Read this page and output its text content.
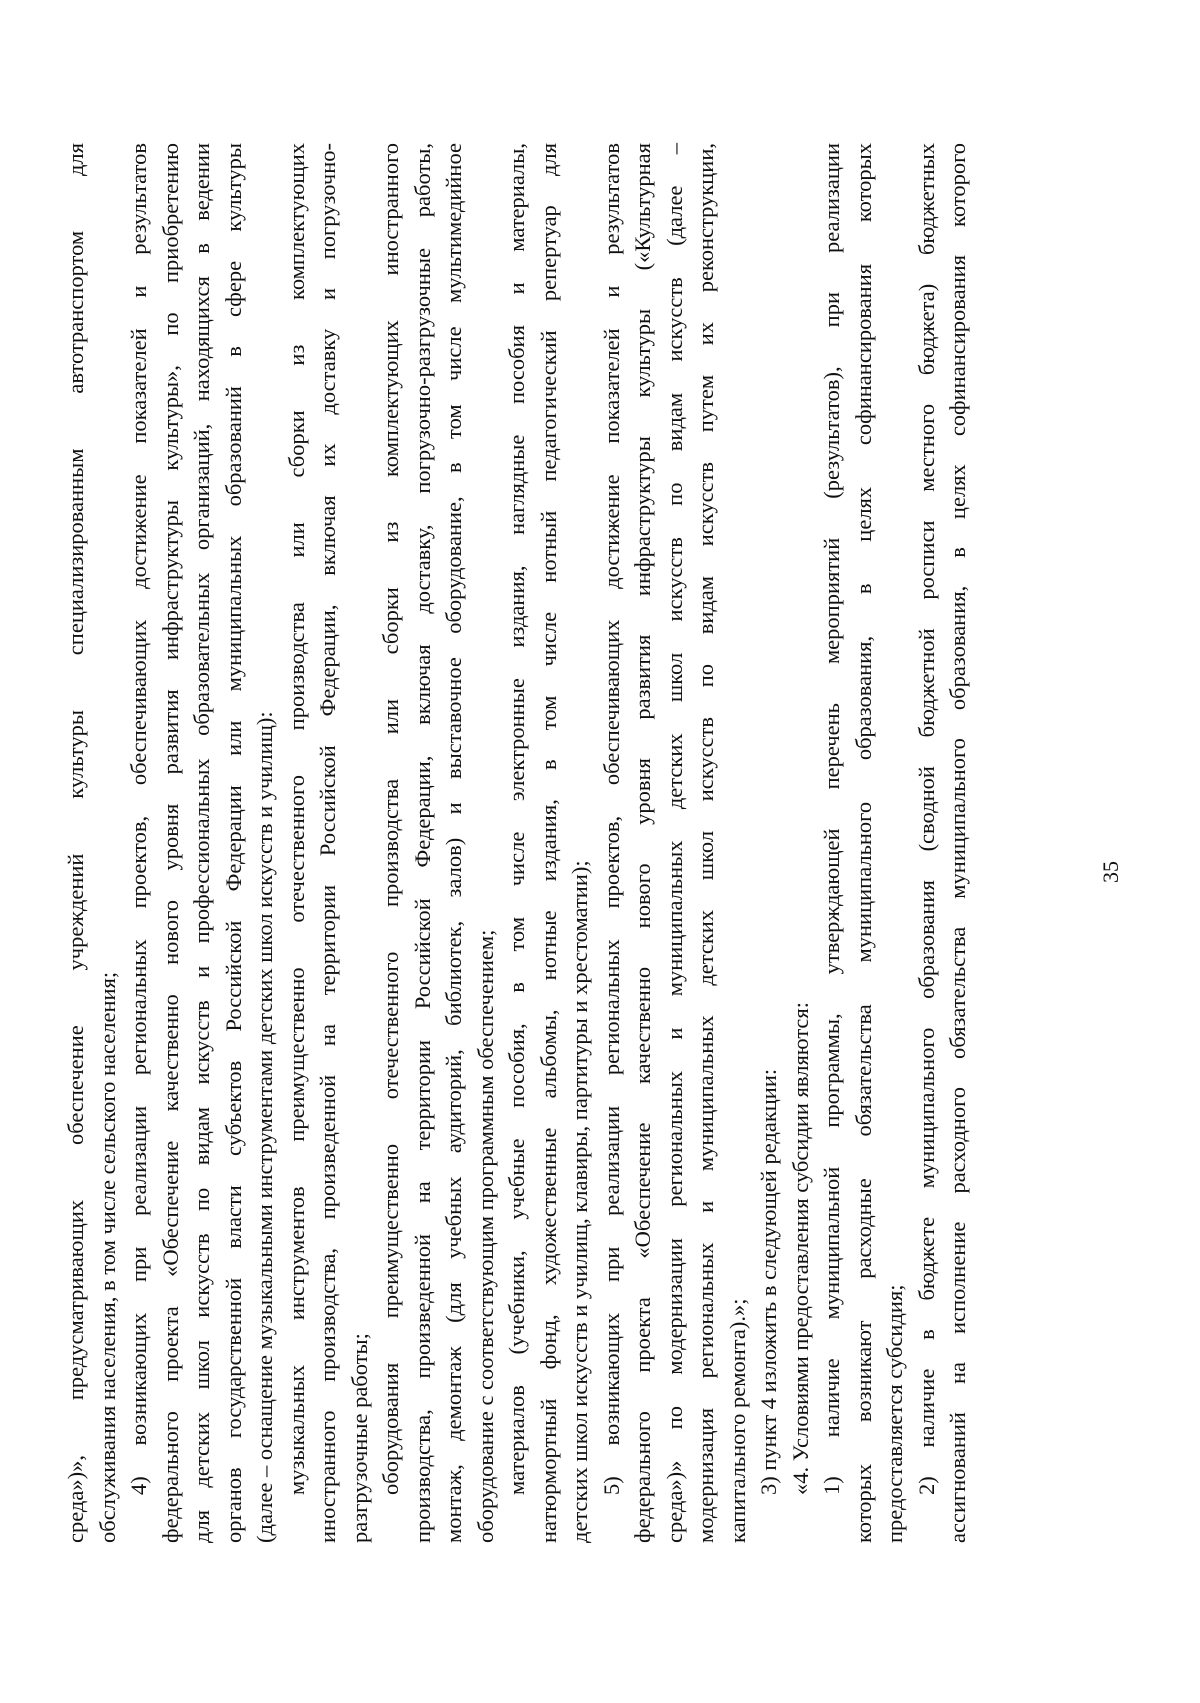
35
среда»)», предусматривающих обеспечение учреждений культуры специализированным автотранспортом для обслуживания населения, в том числе сельского населения; 4) возникающих при реализации региональных проектов, обеспечивающих достижение показателей и результатов федерального проекта «Обеспечение качественно нового уровня развития инфраструктуры культуры», по приобретению для детских школ искусств по видам искусств и профессиональных образовательных организаций, находящихся в ведении органов государственной власти субъектов Российской Федерации или муниципальных образований в сфере культуры (далее – оснащение музыкальными инструментами детских школ искусств и училищ): музыкальных инструментов преимущественно отечественного производства или сборки из комплектующих иностранного производства, произведенной на территории Российской Федерации, включая их доставку и погрузочно- разгрузочные работы; оборудования преимущественно отечественного производства или сборки из комплектующих иностранного производства, произведенной на территории Российской Федерации, включая доставку, погрузочно-разгрузочные работы, монтаж, демонтаж (для учебных аудиторий, библиотек, залов) и выставочное оборудование, в том числе мультимедийное оборудование с соответствующим программным обеспечением; материалов (учебники, учебные пособия, в том числе электронные издания, наглядные пособия и материалы, натюрмортный фонд, художественные альбомы, нотные издания, в том числе нотный педагогический репертуар для детских школ искусств и училищ, клавиры, партитуры и хрестоматии); 5) возникающих при реализации региональных проектов, обеспечивающих достижение показателей и результатов федерального проекта «Обеспечение качественно нового уровня развития инфраструктуры культуры («Культурная среда»)» по модернизации региональных и муниципальных детских школ искусств по видам искусств (далее – модернизация региональных и муниципальных детских школ искусств по видам искусств путем их реконструкции, капитального ремонта).»; 3) пункт 4 изложить в следующей редакции: «4. Условиями предоставления субсидии являются: 1) наличие муниципальной программы, утверждающей перечень мероприятий (результатов), при реализации которых возникают расходные обязательства муниципального образования, в целях софинансирования которых предоставляется субсидия; 2) наличие в бюджете муниципального образования (сводной бюджетной росписи местного бюджета) бюджетных ассигнований на исполнение расходного обязательства муниципального образования, в целях софинансирования которого
